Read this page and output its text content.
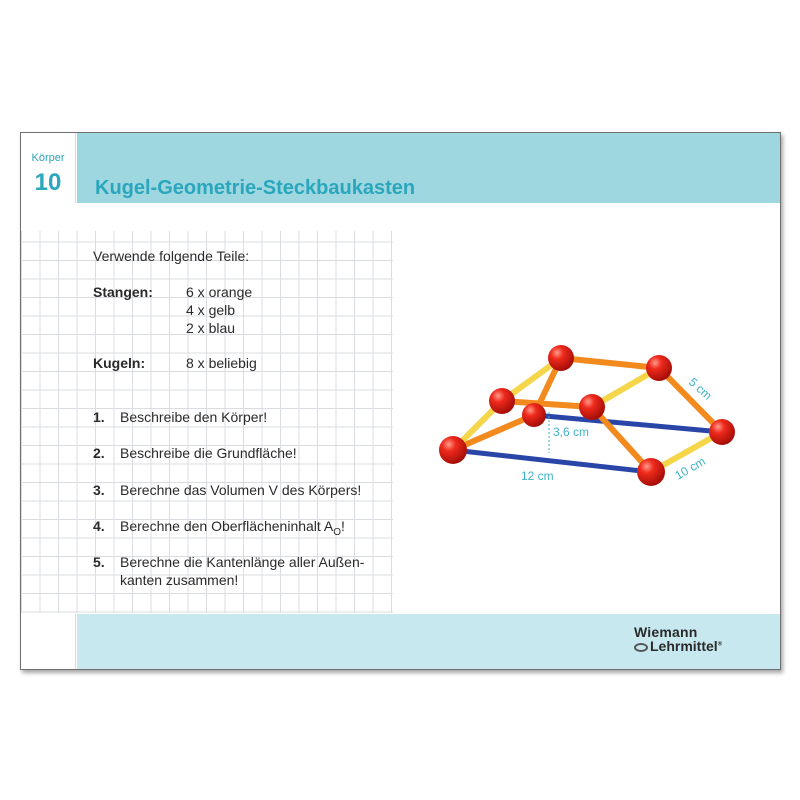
Körper
10	Kugel-Geometrie-Steckbaukasten
Verwende folgende Teile:
Stangen: 6 x orange
4 x gelb
2 x blau
Kugeln:	8 x beliebig
1. Beschreibe den Körper!
2. Beschreibe die Grundfläche!
3. Berechne das Volumen V des Körpers!
4. Berechne den Oberflächeninhalt $A_O$!
5. Berechne die Kantenlänge aller Außen-
kanten zusammen!
3,6 cm
12 cm	10 cm
5 cm
Wiemann
Lehrmittel®
